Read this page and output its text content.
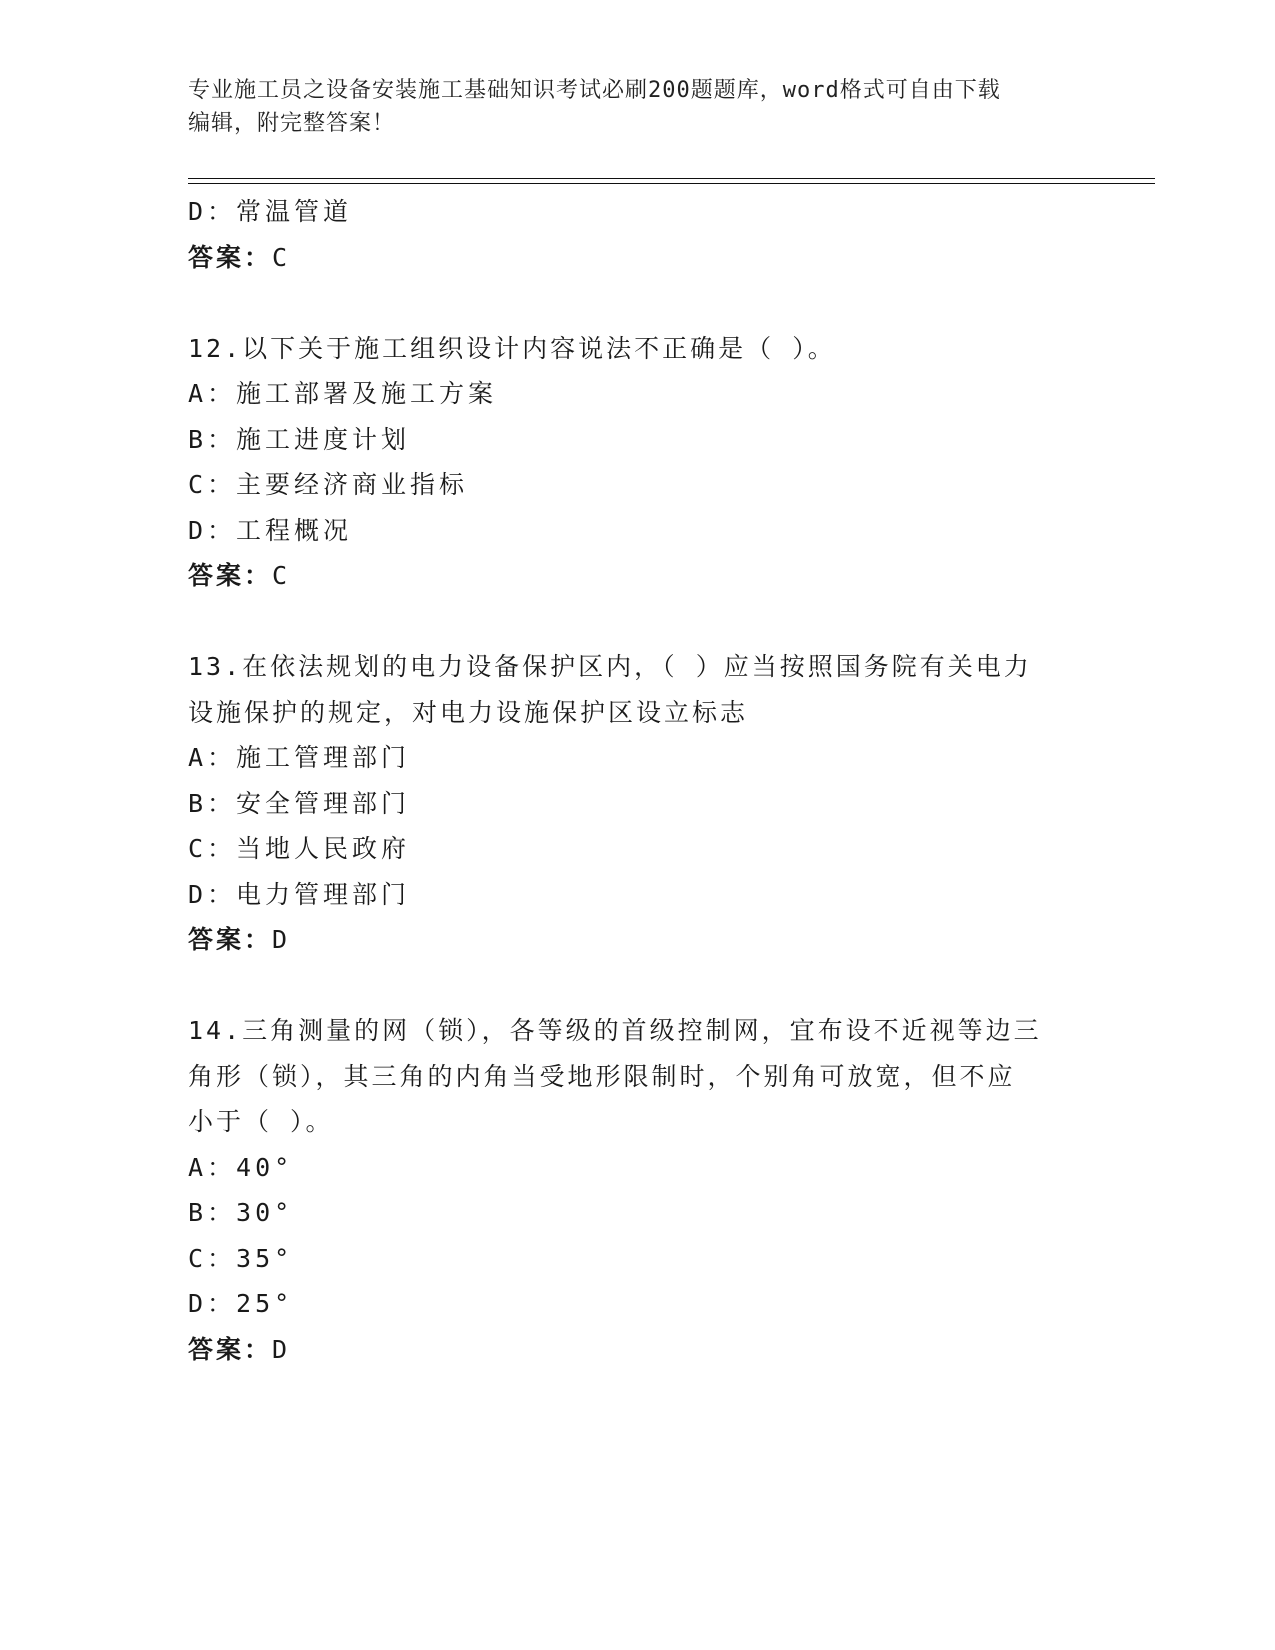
专业施工员之设备安装施工基础知识考试必刷200题题库，word格式可自由下载
编辑，附完整答案！
D：常温管道
答案：C
12.以下关于施工组织设计内容说法不正确是（ ）。
A：施工部署及施工方案
B：施工进度计划
C：主要经济商业指标
D：工程概况
答案：C
13.在依法规划的电力设备保护区内，（ ）应当按照国务院有关电力
设施保护的规定，对电力设施保护区设立标志
A：施工管理部门
B：安全管理部门
C：当地人民政府
D：电力管理部门
答案：D
14.三角测量的网（锁），各等级的首级控制网，宜布设不近视等边三
角形（锁），其三角的内角当受地形限制时，个别角可放宽，但不应
小于（ ）。
A：40°
B：30°
C：35°
D：25°
答案：D
